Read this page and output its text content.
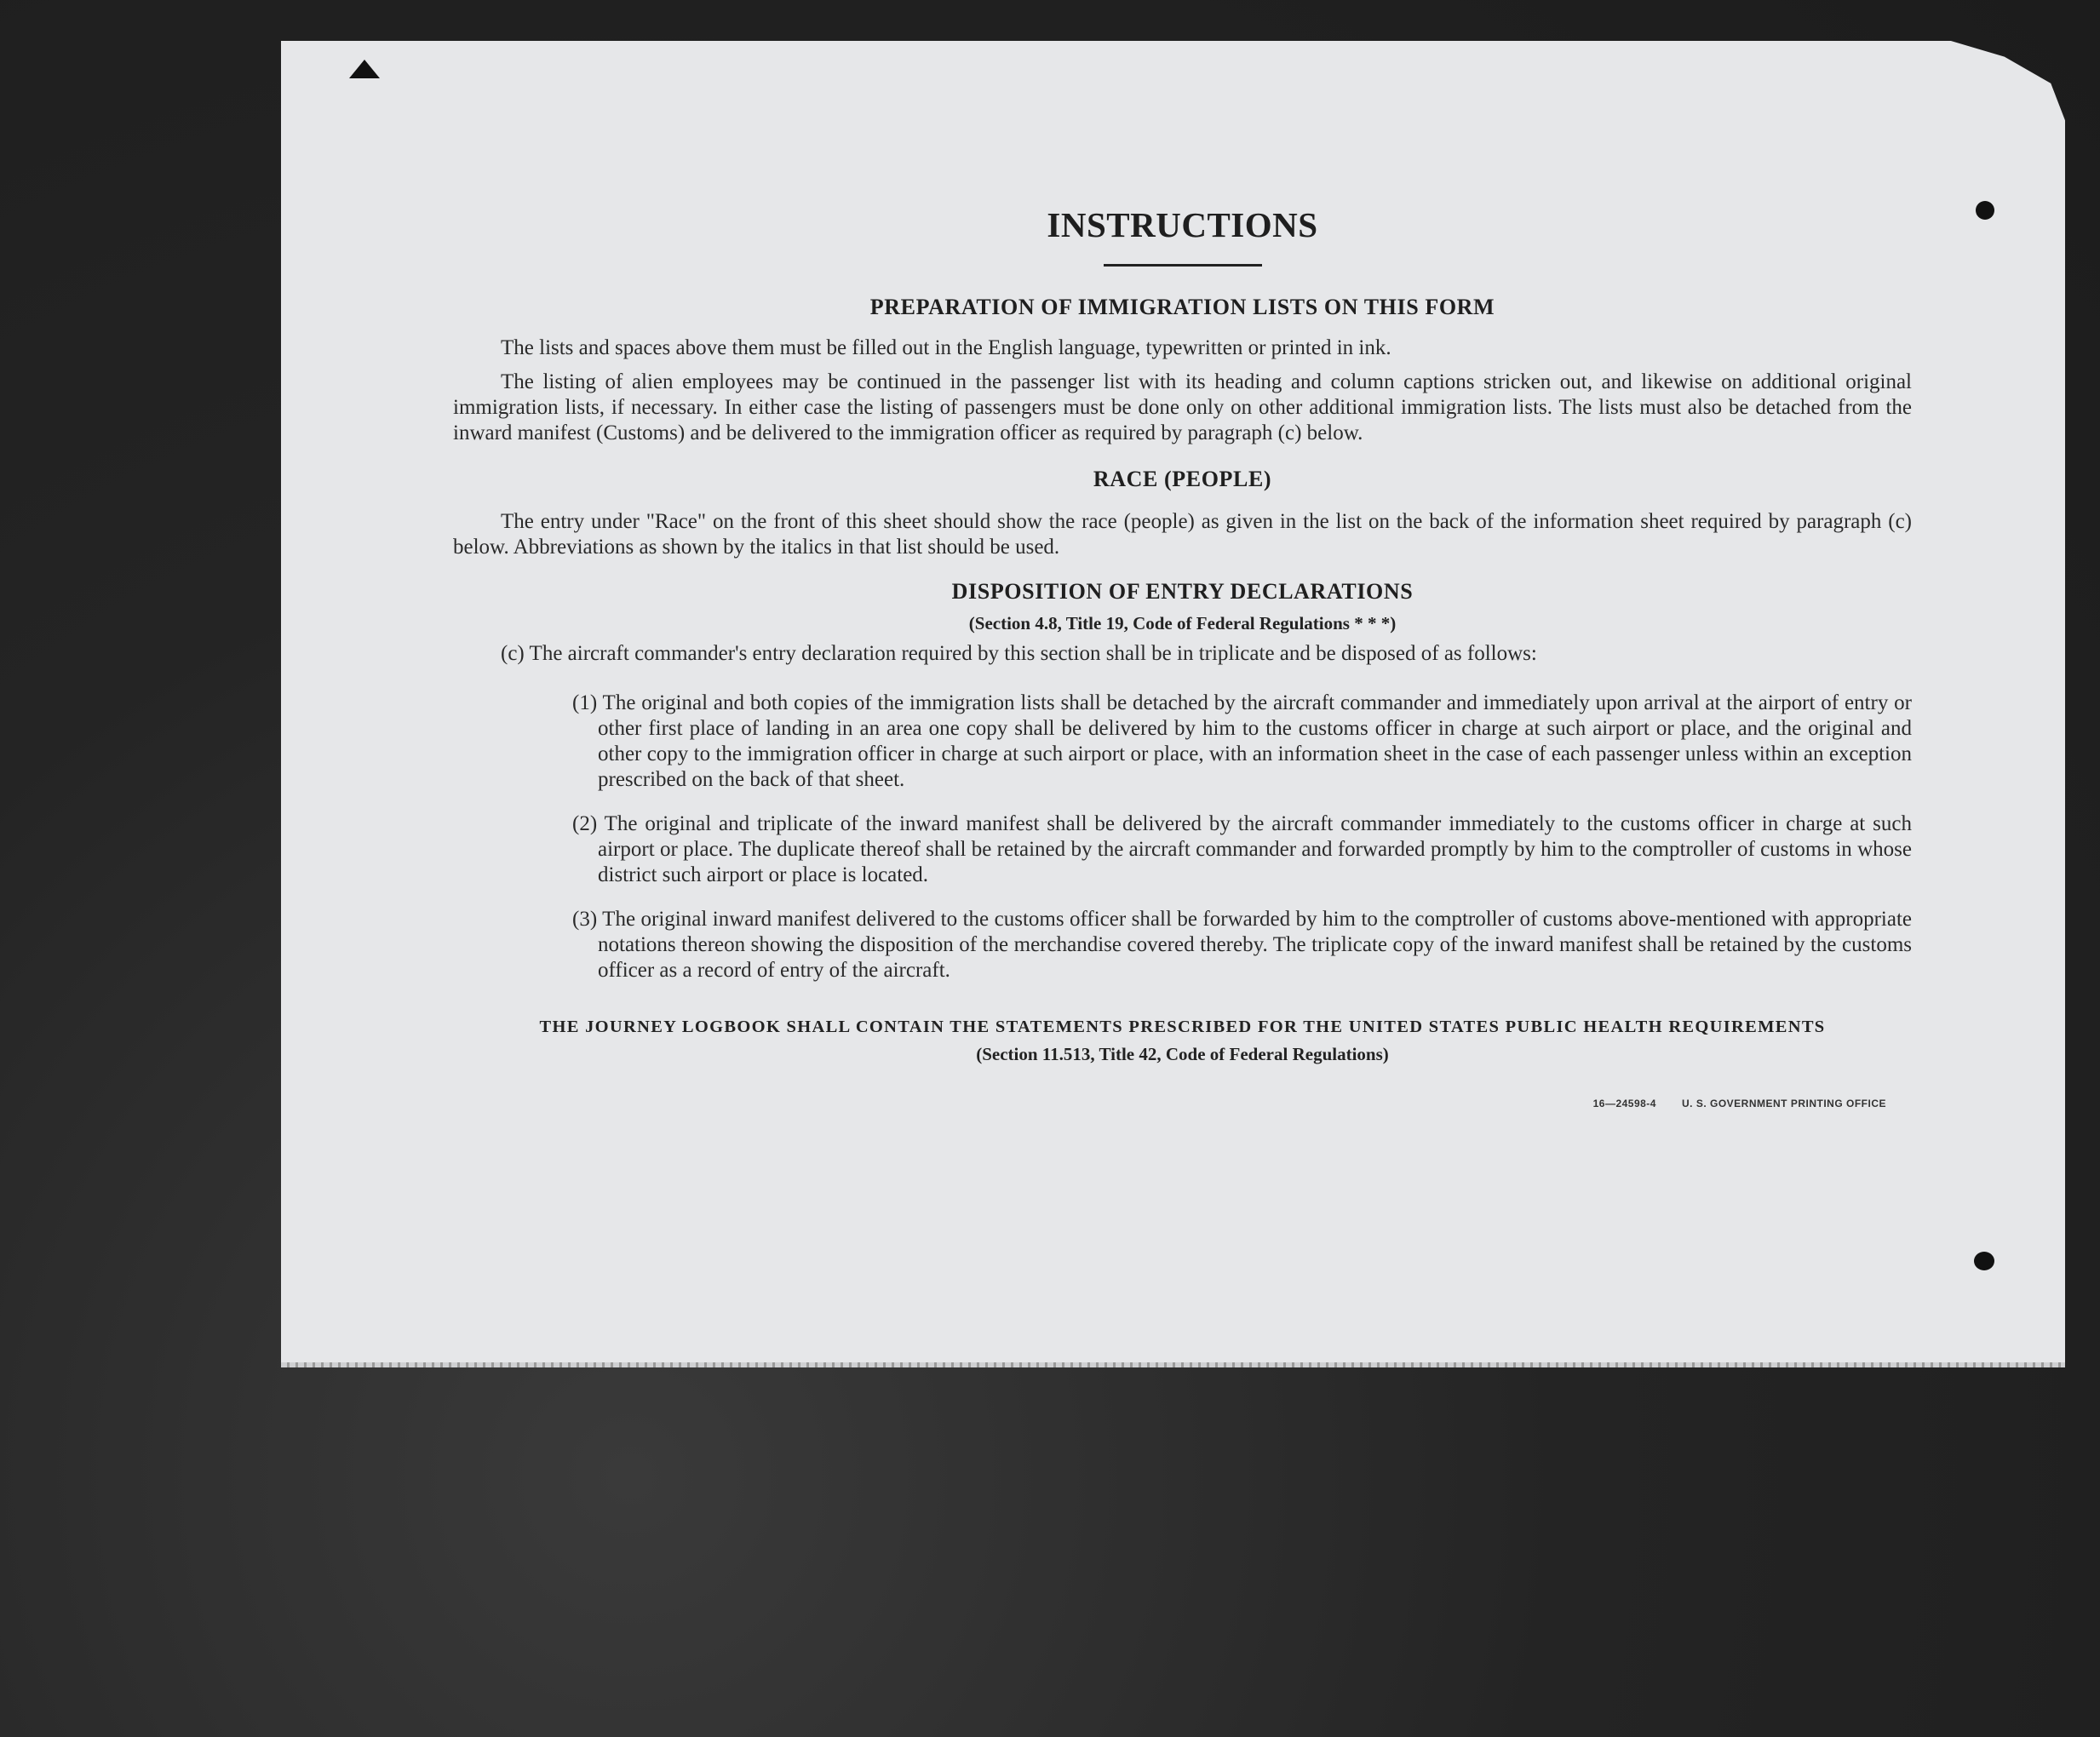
INSTRUCTIONS
PREPARATION OF IMMIGRATION LISTS ON THIS FORM

The lists and spaces above them must be filled out in the English language, typewritten or printed in ink.

The listing of alien employees may be continued in the passenger list with its heading and column captions stricken out, and likewise on additional original immigration lists, if necessary. In either case the listing of passengers must be done only on other additional immigration lists. The lists must also be detached from the inward manifest (Customs) and be delivered to the immigration officer as required by paragraph (c) below.

RACE (PEOPLE)

The entry under "Race" on the front of this sheet should show the race (people) as given in the list on the back of the information sheet required by paragraph (c) below. Abbreviations as shown by the italics in that list should be used.

DISPOSITION OF ENTRY DECLARATIONS

(Section 4.8, Title 19, Code of Federal Regulations * * *)

(c) The aircraft commander's entry declaration required by this section shall be in triplicate and be disposed of as follows:

(1) The original and both copies of the immigration lists shall be detached by the aircraft commander and immediately upon arrival at the airport of entry or other first place of landing in an area one copy shall be delivered by him to the customs officer in charge at such airport or place, and the original and other copy to the immigration officer in charge at such airport or place, with an information sheet in the case of each passenger unless within an exception prescribed on the back of that sheet.

(2) The original and triplicate of the inward manifest shall be delivered by the aircraft commander immediately to the customs officer in charge at such airport or place. The duplicate thereof shall be retained by the aircraft commander and forwarded promptly by him to the comptroller of customs in whose district such airport or place is located.

(3) The original inward manifest delivered to the customs officer shall be forwarded by him to the comptroller of customs above-mentioned with appropriate notations thereon showing the disposition of the merchandise covered thereby. The triplicate copy of the inward manifest shall be retained by the customs officer as a record of entry of the aircraft.

THE JOURNEY LOGBOOK SHALL CONTAIN THE STATEMENTS PRESCRIBED FOR THE UNITED STATES PUBLIC HEALTH REQUIREMENTS

(Section 11.513, Title 42, Code of Federal Regulations)

16—24598-4	U. S. GOVERNMENT PRINTING OFFICE
